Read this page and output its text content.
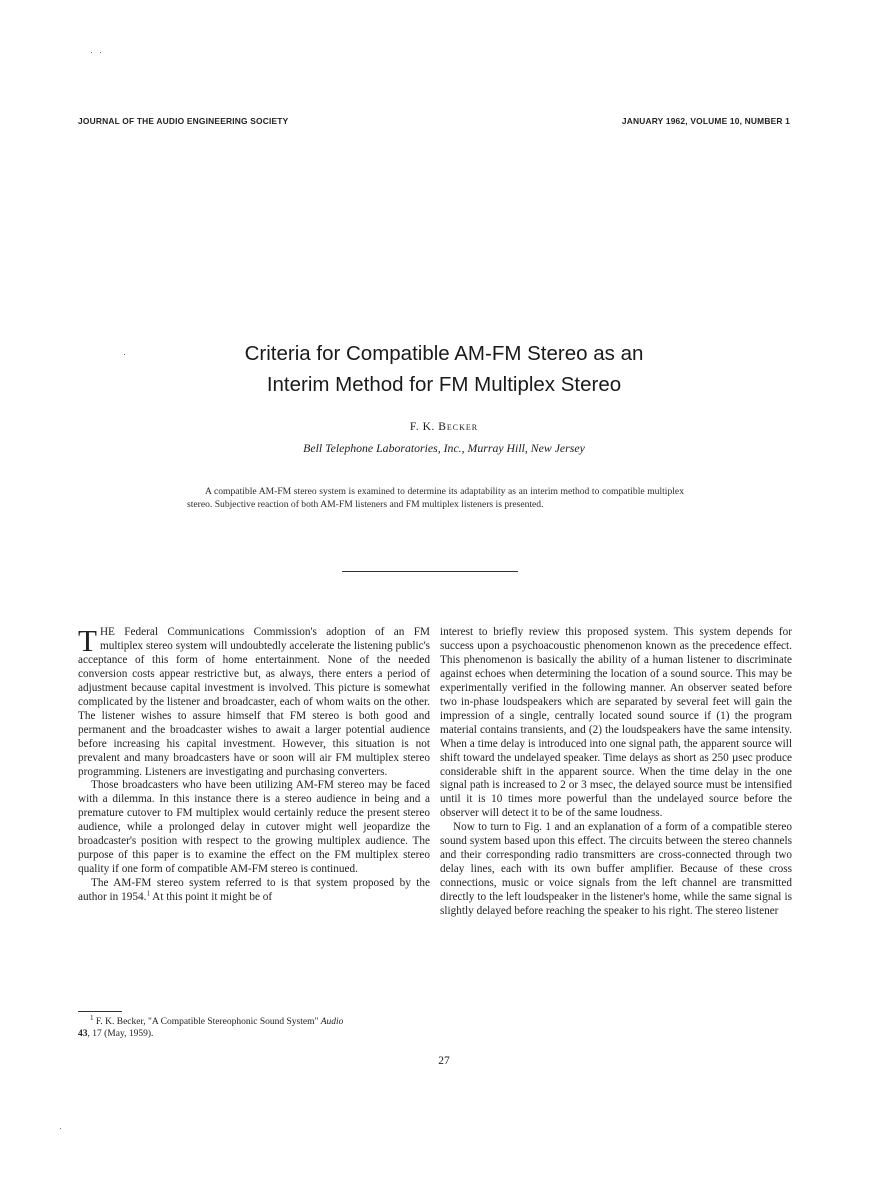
JOURNAL OF THE AUDIO ENGINEERING SOCIETY	JANUARY 1962, VOLUME 10, NUMBER 1
Criteria for Compatible AM-FM Stereo as an
Interim Method for FM Multiplex Stereo
F. K. Becker
Bell Telephone Laboratories, Inc., Murray Hill, New Jersey
A compatible AM-FM stereo system is examined to determine its adaptability as an interim method to compatible multiplex stereo. Subjective reaction of both AM-FM listeners and FM multiplex listeners is presented.

THE Federal Communications Commission's adoption of an FM multiplex stereo system will undoubtedly accelerate the listening public's acceptance of this form of home entertainment. None of the needed conversion costs appear restrictive but, as always, there enters a period of adjustment because capital investment is involved. This picture is somewhat complicated by the listener and broadcaster, each of whom waits on the other. The listener wishes to assure himself that FM stereo is both good and permanent and the broadcaster wishes to await a larger potential audience before increasing his capital investment. However, this situation is not prevalent and many broadcasters have or soon will air FM multiplex stereo programming. Listeners are investigating and purchasing converters.

Those broadcasters who have been utilizing AM-FM stereo may be faced with a dilemma. In this instance there is a stereo audience in being and a premature cutover to FM multiplex would certainly reduce the present stereo audience, while a prolonged delay in cutover might well jeopardize the broadcaster's position with respect to the growing multiplex audience. The purpose of this paper is to examine the effect on the FM multiplex stereo quality if one form of compatible AM-FM stereo is continued.

The AM-FM stereo system referred to is that system proposed by the author in 1954.$^1$ At this point it might be of

interest to briefly review this proposed system. This system depends for success upon a psychoacoustic phenomenon known as the precedence effect. This phenomenon is basically the ability of a human listener to discriminate against echoes when determining the location of a sound source. This may be experimentally verified in the following manner. An observer seated before two in-phase loudspeakers which are separated by several feet will gain the impression of a single, centrally located sound source if (1) the program material contains transients, and (2) the loudspeakers have the same intensity. When a time delay is introduced into one signal path, the apparent source will shift toward the undelayed speaker. Time delays as short as 250 µsec produce considerable shift in the apparent source. When the time delay in the one signal path is increased to 2 or 3 msec, the delayed source must be intensified until it is 10 times more powerful than the undelayed source before the observer will detect it to be of the same loudness.

Now to turn to Fig. 1 and an explanation of a form of a compatible stereo sound system based upon this effect. The circuits between the stereo channels and their corresponding radio transmitters are cross-connected through two delay lines, each with its own buffer amplifier. Because of these cross connections, music or voice signals from the left channel are transmitted directly to the left loudspeaker in the listener's home, while the same signal is slightly delayed before reaching the speaker to his right. The stereo listener

$^1$ F. K. Becker, "A Compatible Stereophonic Sound System" Audio
43, 17 (May, 1959).
27
